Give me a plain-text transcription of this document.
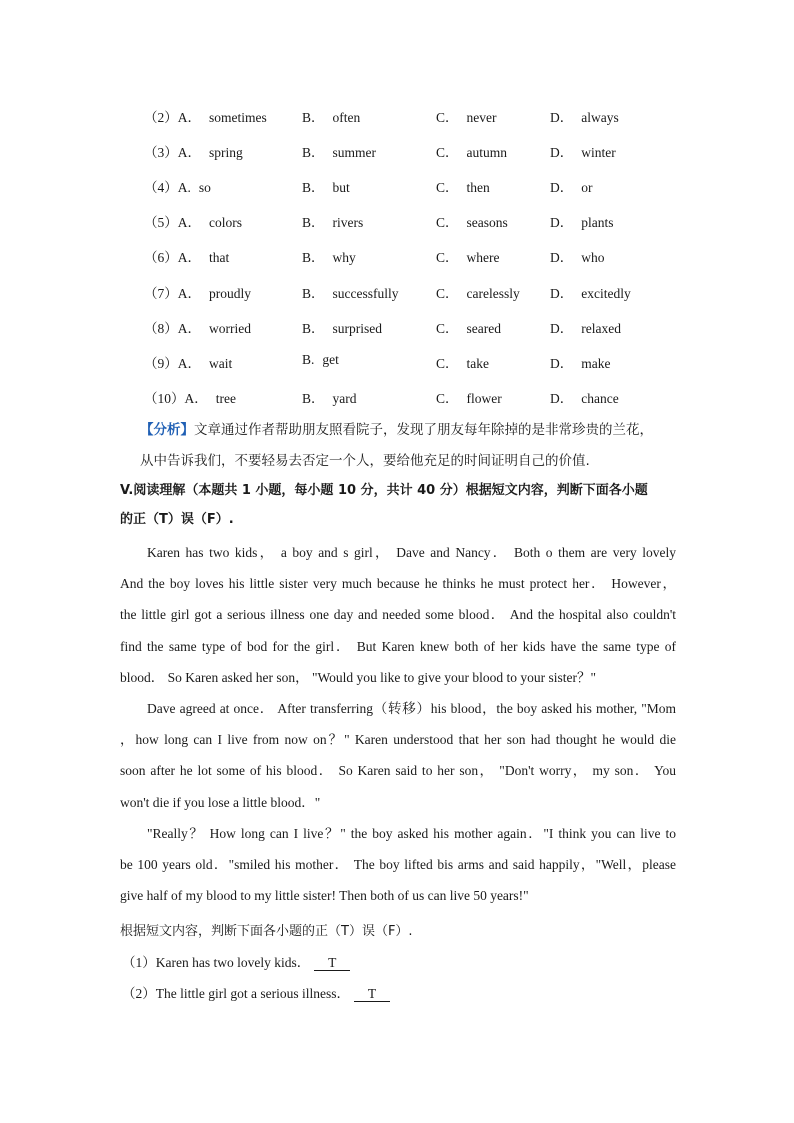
（2）A． sometimes	B． often	C． never	D． always
（3）A． spring	B． summer	C． autumn	D． winter
（4）A. so	B． but	C． then	D． or
（5）A． colors	B． rivers	C． seasons	D． plants
（6）A． that	B． why	C． where	D． who
（7）A． proudly	B． successfully	C． carelessly D． excitedly
（8）A． worried	B． surprised	C． seared	D． relaxed
（9）A． wait	B. get	C． take	D． make
（10）A． tree	B． yard	C． flower	D． chance
【分析】文章通过作者帮助朋友照看院子，发现了朋友每年除掉的是非常珍贵的兰花，
从中告诉我们，不要轻易去否定一个人，要给他充足的时间证明自己的价值.
V.阅读理解（本题共 1 小题，每小题 10 分，共计 40 分）根据短文内容，判断下面各小题
的正（T）误（F）.

Karen has two kids， a boy and s girl， Dave and Nancy． Both o them are very lovely

And the boy loves his little sister very much because he thinks he must protect her． However，

the little girl got a serious illness one day and needed some blood． And the hospital also couldn't

find the same type of bod for the girl． But Karen knew both of her kids have the same type of

blood． So Karen asked her son， "Would you like to give your blood to your sister？"

Dave agreed at once． After transferring（转移）his blood，the boy asked his mother, "Mom

，how long can I live from now on？" Karen understood that her son had thought he would die

soon after he lot some of his blood． So Karen said to her son， "Don't worry， my son． You

won't die if you lose a little blood．"

"Really？ How long can I live？" the boy asked his mother again．"I think you can live to

be 100 years old．"smiled his mother． The boy lifted bis arms and said happily，"Well，please

give half of my blood to my little sister! Then both of us can live 50 years!"

根据短文内容，判断下面各小题的正（T）误（F）.
（1）Karen has two lovely kids． T
（2）The little girl got a serious illness． T
